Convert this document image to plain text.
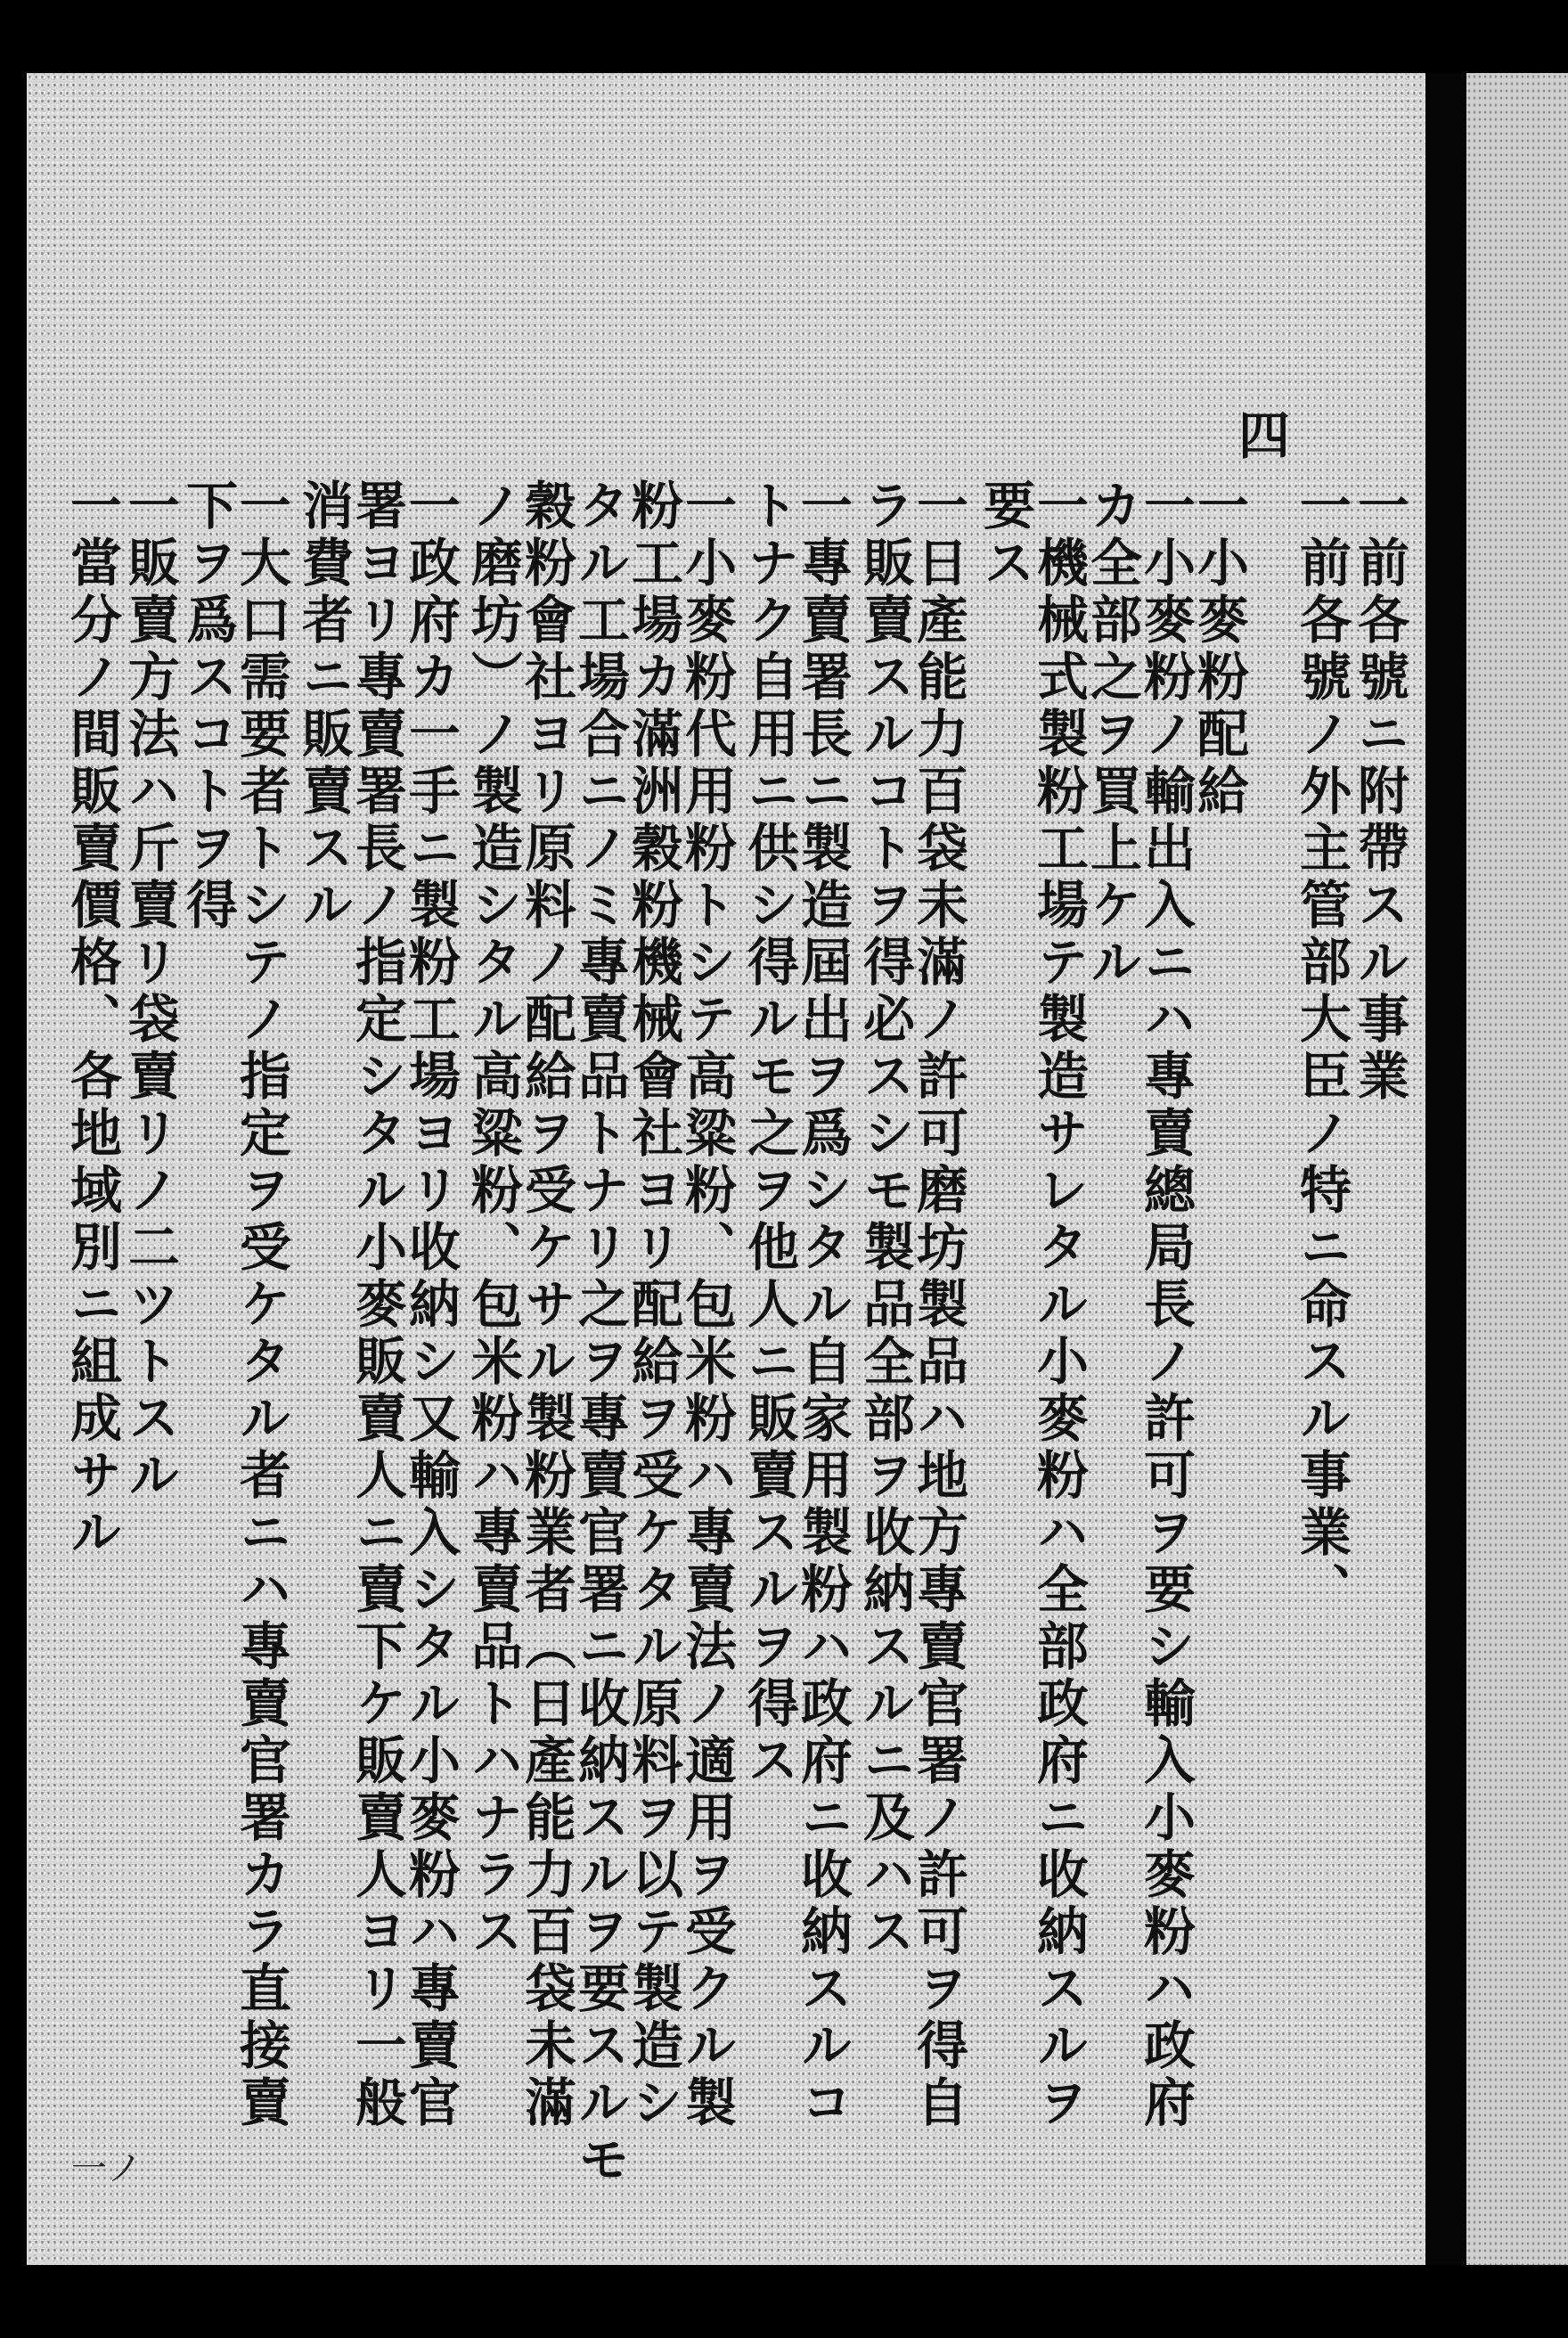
四
一前各號ニ附帶スル事業
一前各號ノ外主管部大臣ノ特ニ命スル事業、
一小麥粉配給
一小麥粉ノ輸出入ニハ專賣總局長ノ許可ヲ要シ輸入小麥粉ハ政府
カ全部之ヲ買上ケル
一機械式製粉工場テ製造サレタル小麥粉ハ全部政府ニ收納スルヲ
要ス
一日產能力百袋未滿ノ許可磨坊製品ハ地方專賣官署ノ許可ヲ得自
ラ販賣スルコトヲ得必スシモ製品全部ヲ收納スルニ及ハス
一專賣署長ニ製造屆出ヲ爲シタル自家用製粉ハ政府ニ收納スルコ
トナク自用ニ供シ得ルモ之ヲ他人ニ販賣スルヲ得ス
一小麥粉代用粉トシテ高粱粉、包米粉ハ專賣法ノ適用ヲ受クル製
粉工場カ滿洲穀粉機械會社ヨリ配給ヲ受ケタル原料ヲ以テ製造シ
タル工場合ニノミ專賣品トナリ之ヲ專賣官署ニ收納スルヲ要スルモ
穀粉會社ヨリ原料ノ配給ヲ受ケサル製粉業者（日產能力百袋未滿
ノ磨坊）ノ製造シタル高粱粉、包米粉ハ專賣品トハナラス
一政府カ一手ニ製粉工場ヨリ收納シ又輸入シタル小麥粉ハ專賣官
署ヨリ專賣署長ノ指定シタル小麥販賣人ニ賣下ケ販賣人ヨリ一般
消費者ニ販賣スル
一大口需要者トシテノ指定ヲ受ケタル者ニハ專賣官署カラ直接賣
下ヲ爲スコトヲ得
一販賣方法ハ斤賣リ袋賣リノ二ツトスル
一當分ノ間販賣價格、各地域別ニ組成サル
一ノ
